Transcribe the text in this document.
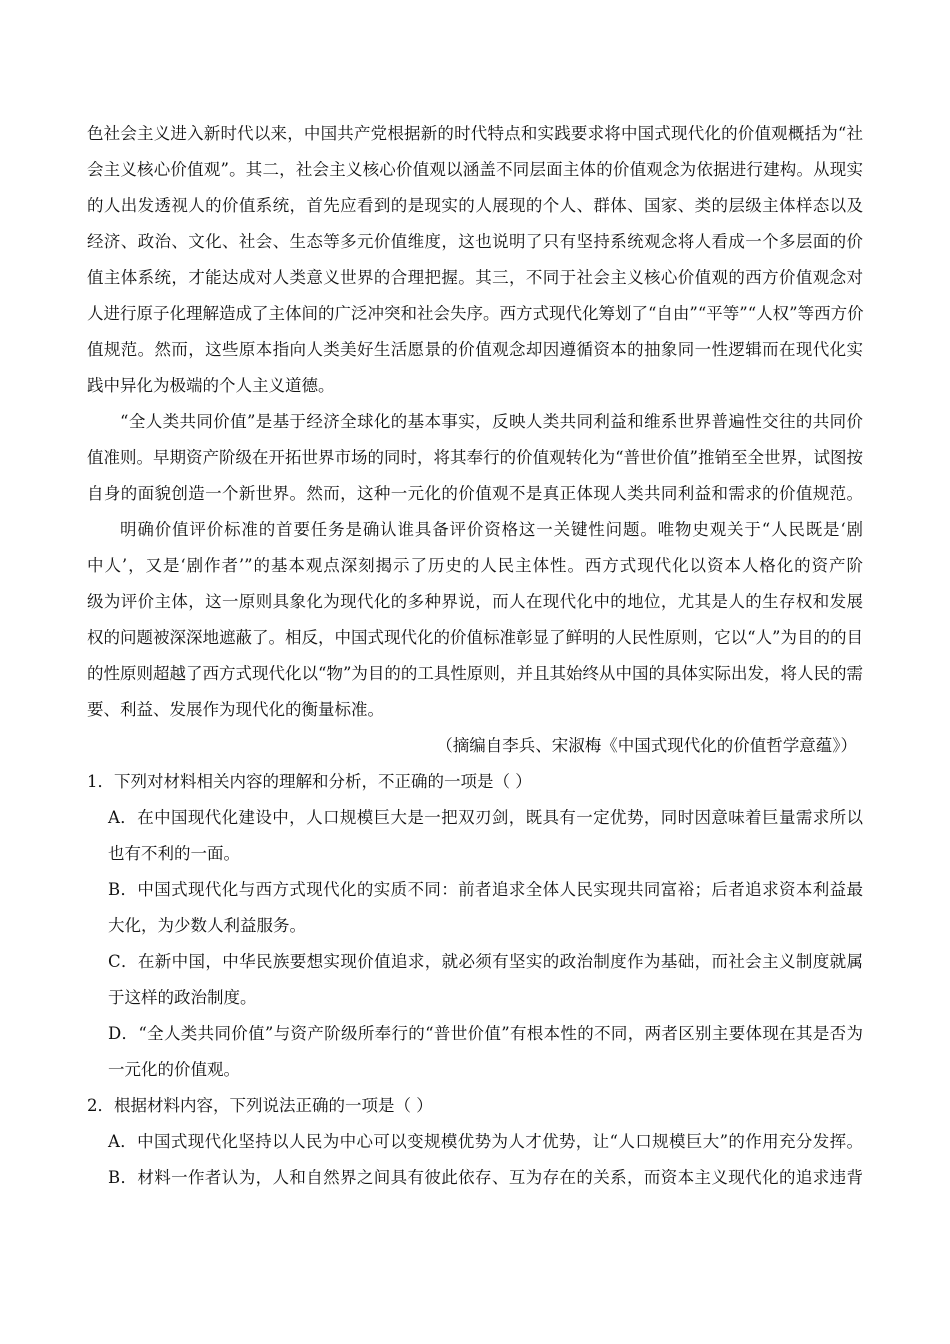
色社会主义进入新时代以来，中国共产党根据新的时代特点和实践要求将中国式现代化的价值观概括为“社

会主义核心价值观”。其二，社会主义核心价值观以涵盖不同层面主体的价值观念为依据进行建构。从现实

的人出发透视人的价值系统，首先应看到的是现实的人展现的个人、群体、国家、类的层级主体样态以及

经济、政治、文化、社会、生态等多元价值维度，这也说明了只有坚持系统观念将人看成一个多层面的价

值主体系统，才能达成对人类意义世界的合理把握。其三，不同于社会主义核心价值观的西方价值观念对

人进行原子化理解造成了主体间的广泛冲突和社会失序。西方式现代化筹划了“自由”“平等”“人权”等西方价

值规范。然而，这些原本指向人类美好生活愿景的价值观念却因遵循资本的抽象同一性逻辑而在现代化实

践中异化为极端的个人主义道德。

“全人类共同价值”是基于经济全球化的基本事实，反映人类共同利益和维系世界普遍性交往的共同价

值准则。早期资产阶级在开拓世界市场的同时，将其奉行的价值观转化为“普世价值”推销至全世界，试图按

自身的面貌创造一个新世界。然而，这种一元化的价值观不是真正体现人类共同利益和需求的价值规范。

明确价值评价标准的首要任务是确认谁具备评价资格这一关键性问题。唯物史观关于“人民既是‘剧

中人’，又是‘剧作者’”的基本观点深刻揭示了历史的人民主体性。西方式现代化以资本人格化的资产阶

级为评价主体，这一原则具象化为现代化的多种界说，而人在现代化中的地位，尤其是人的生存权和发展

权的问题被深深地遮蔽了。相反，中国式现代化的价值标准彰显了鲜明的人民性原则，它以“人”为目的的目

的性原则超越了西方式现代化以“物”为目的的工具性原则，并且其始终从中国的具体实际出发，将人民的需

要、利益、发展作为现代化的衡量标准。

（摘编自李兵、宋淑梅《中国式现代化的价值哲学意蕴》）

1．下列对材料相关内容的理解和分析，不正确的一项是（ ）

A．在中国现代化建设中，人口规模巨大是一把双刃剑，既具有一定优势，同时因意味着巨量需求所以

也有不利的一面。

B．中国式现代化与西方式现代化的实质不同：前者追求全体人民实现共同富裕；后者追求资本利益最

大化，为少数人利益服务。

C．在新中国，中华民族要想实现价值追求，就必须有坚实的政治制度作为基础，而社会主义制度就属

于这样的政治制度。

D．“全人类共同价值”与资产阶级所奉行的“普世价值”有根本性的不同，两者区别主要体现在其是否为

一元化的价值观。

2．根据材料内容，下列说法正确的一项是（ ）

A．中国式现代化坚持以人民为中心可以变规模优势为人才优势，让“人口规模巨大”的作用充分发挥。

B．材料一作者认为，人和自然界之间具有彼此依存、互为存在的关系，而资本主义现代化的追求违背
